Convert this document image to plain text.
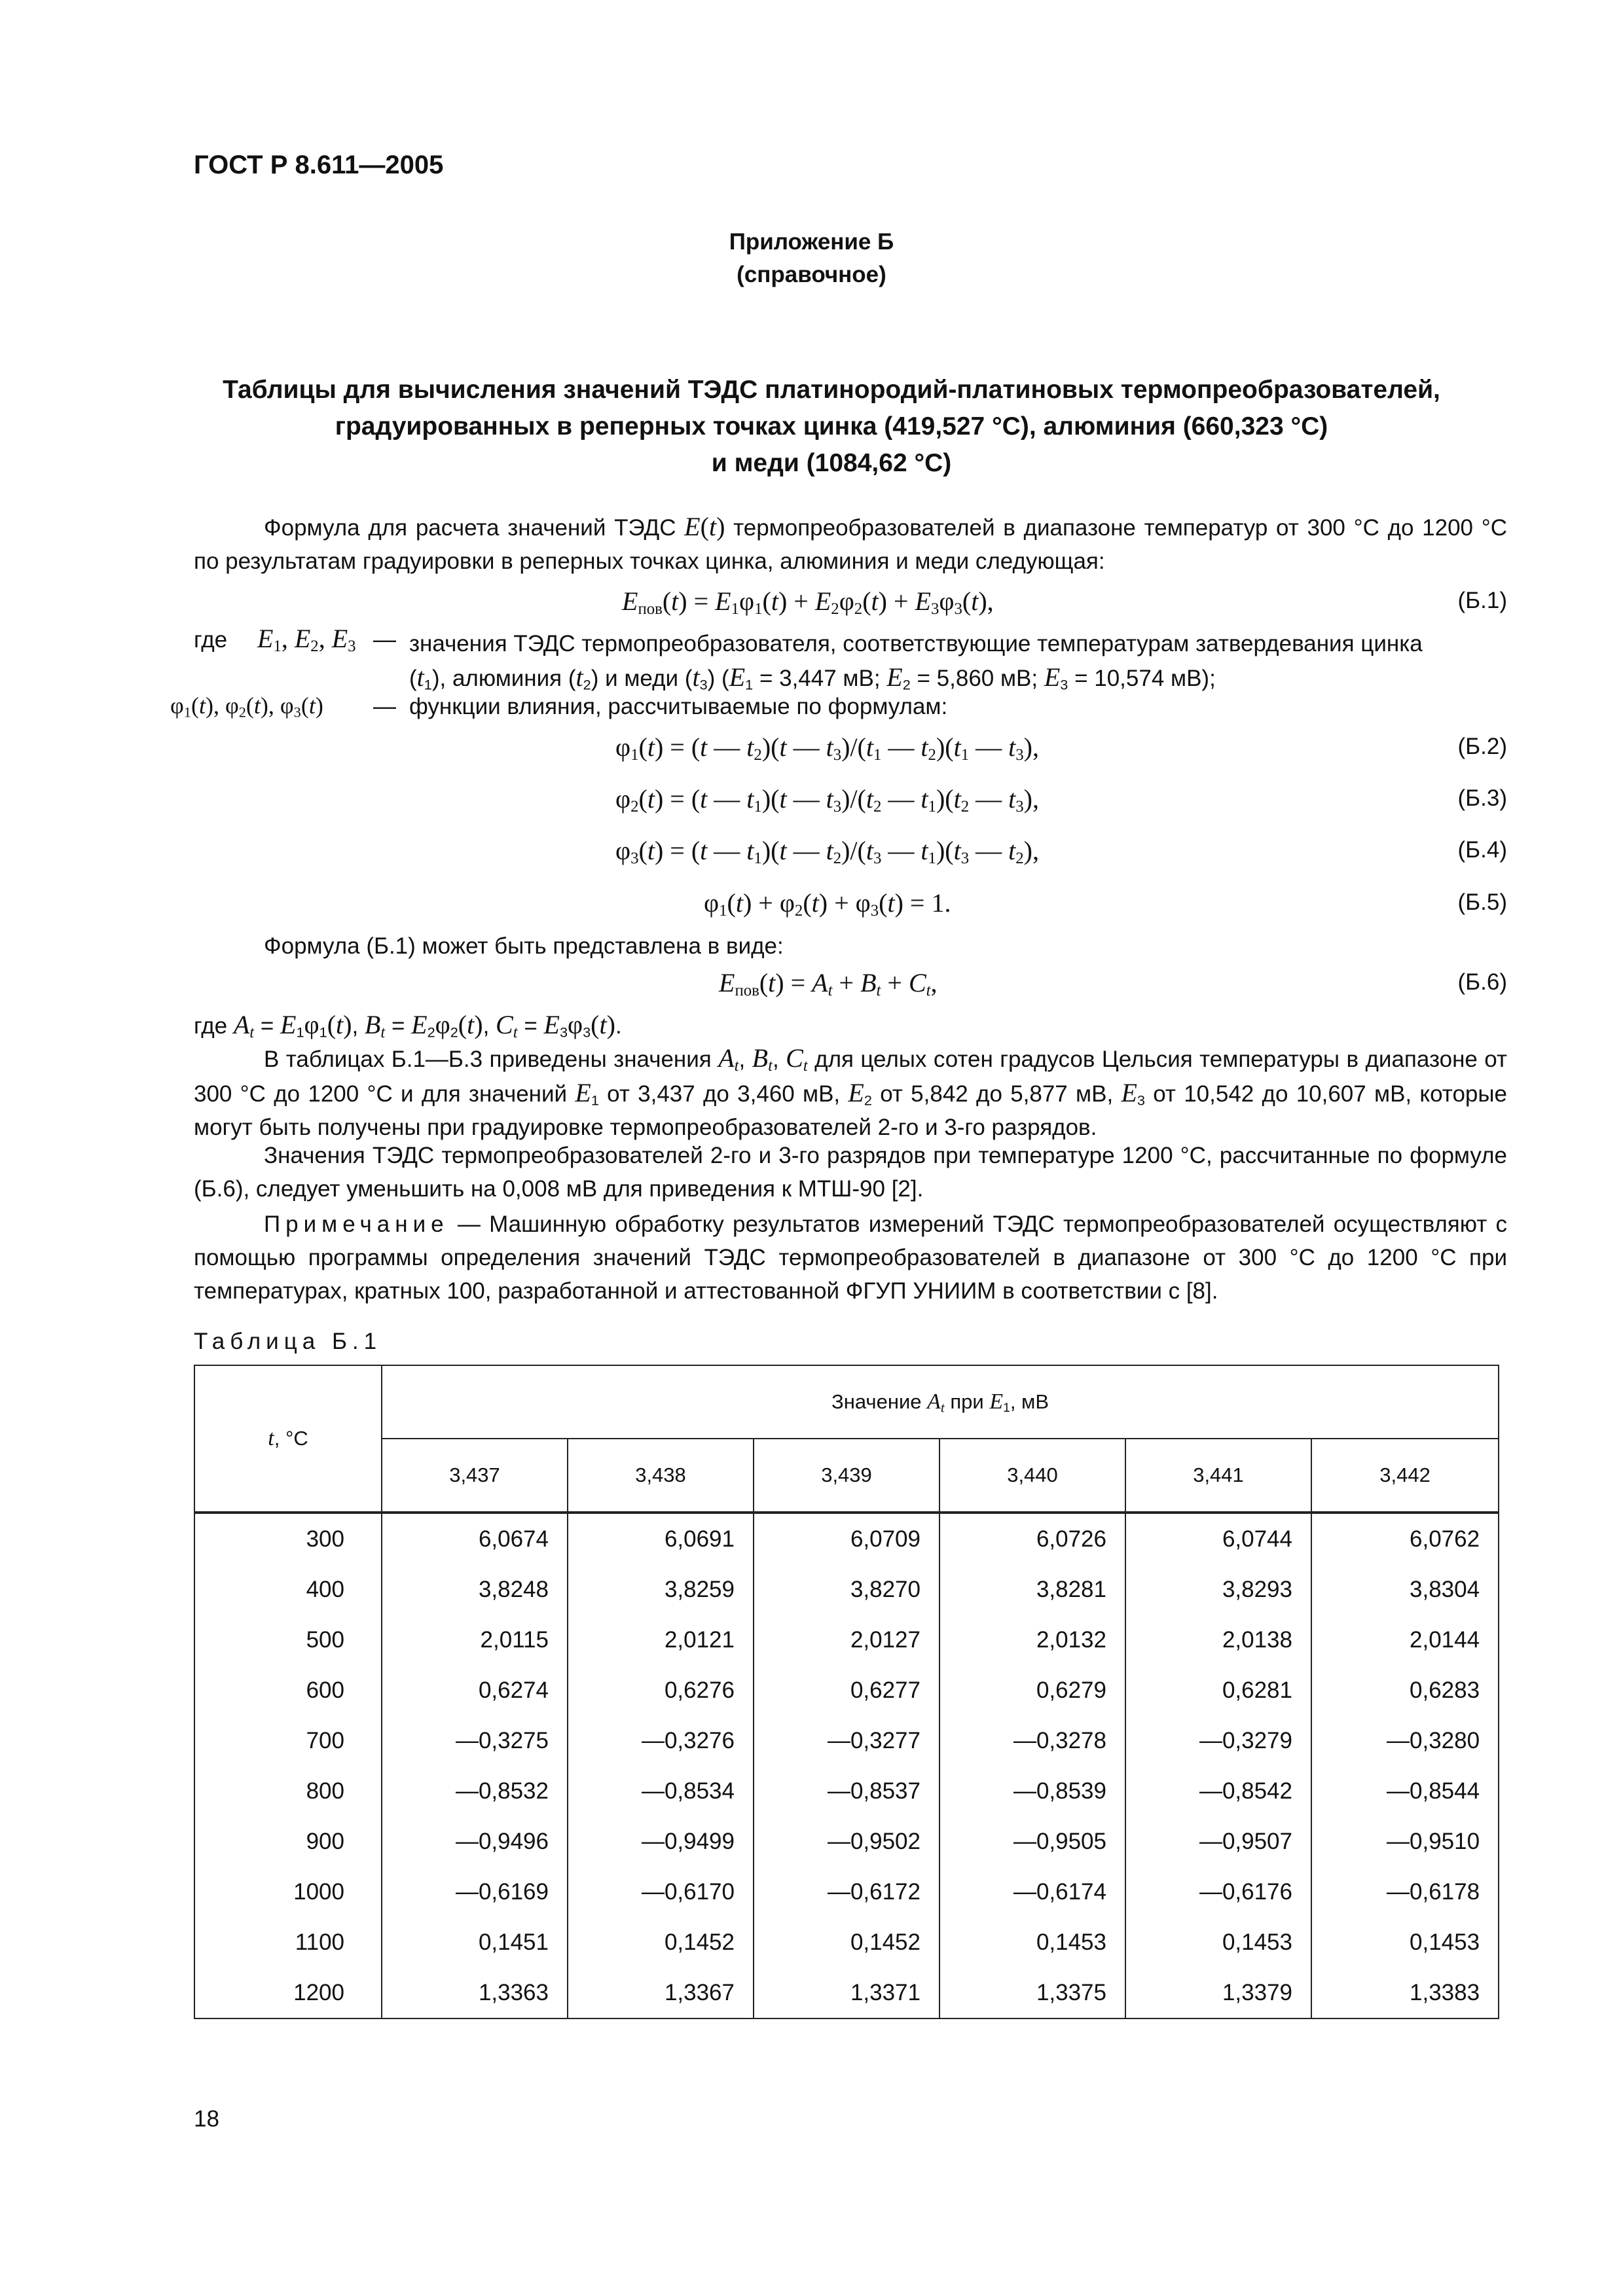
ГОСТ Р 8.611—2005
Приложение Б
(справочное)
Таблицы для вычисления значений ТЭДС платинородий-платиновых термопреобразователей,
градуированных в реперных точках цинка (419,527 °С), алюминия (660,323 °С)
и меди (1084,62 °С)
Формула для расчета значений ТЭДС E(t) термопреобразователей в диапазоне температур от 300 °С до 1200 °С по результатам градуировки в реперных точках цинка, алюминия и меди следующая:
$E_{пов}(t) = E_1\varphi_1(t) + E_2\varphi_2(t) + E_3\varphi_3(t)$,	(Б.1)
где $E_1$, $E_2$, $E_3$ — значения ТЭДС термопреобразователя, соответствующие температурам затвердевания цинка
$(t_1)$, алюминия $(t_2)$ и меди $(t_3) (E_1 = 3,447$ мВ; $E_2 = 5,860$ мВ; $E_3 = 10,574$ мВ);
$\varphi_1(t)$, $\varphi_2(t)$, $\varphi_3(t)$ — функции влияния, рассчитываемые по формулам:
$\varphi_1(t) = (t$ — $t_2)(t$ — $t_3)/(t_1$ — $t_2)(t_1$ — $t_3$),	(Б.2)
$\varphi_2(t) = (t$ — $t_1)(t$ — $t_3)/(t_2$ — $t_1)(t_2$ — $t_3$),	(Б.3)
$\varphi_3(t) = (t$ — $t_1)(t$ — $t_2)/(t_3$ — $t_1)(t_3$ — $t_2$),	(Б.4)
$\varphi_1(t) + \varphi_2(t) + \varphi_3(t) = 1$.	(Б.5)
Формула (Б.1) может быть представлена в виде:
$E_{пов}(t) = A_t + B_t + C_t$,	(Б.6)
где $A_t = E_1\varphi_1(t)$, $B_t = E_2\varphi_2(t)$, $C_t = E_3\varphi_3(t)$.
В таблицах Б.1—Б.3 приведены значения $A_t$, $B_t$, $C_t$ для целых сотен градусов Цельсия температуры в диапазоне от 300 °С до 1200 °С и для значений $E_1$ от 3,437 до 3,460 мВ, $E_2$ от 5,842 до 5,877 мВ, $E_3$ от 10,542 до 10,607 мВ, которые могут быть получены при градуировке термопреобразователей 2-го и 3-го разрядов.
Значения ТЭДС термопреобразователей 2-го и 3-го разрядов при температуре 1200 °С, рассчитанные по формуле (Б.6), следует уменьшить на 0,008 мВ для приведения к МТШ-90 [2].
Примечание — Машинную обработку результатов измерений ТЭДС термопреобразователей осуществляют с помощью программы определения значений ТЭДС термопреобразователей в диапазоне от 300 °С до 1200 °С при температурах, кратных 100, разработанной и аттестованной ФГУП УНИИМ в соответствии с [8].
Таблица Б.1
t, °С	Значение $A_t$ при $E_1$, мВ					
	3,437	3,438	3,439	3,440	3,441	3,442
300	6,0674	6,0691	6,0709	6,0726	6,0744	6,0762
400	3,8248	3,8259	3,8270	3,8281	3,8293	3,8304
500	2,0115	2,0121	2,0127	2,0132	2,0138	2,0144
600	0,6274	0,6276	0,6277	0,6279	0,6281	0,6283
700	—0,3275	—0,3276	—0,3277	—0,3278	—0,3279	—0,3280
800	—0,8532	—0,8534	—0,8537	—0,8539	—0,8542	—0,8544
900	—0,9496	—0,9499	—0,9502	—0,9505	—0,9507	—0,9510
1000	—0,6169	—0,6170	—0,6172	—0,6174	—0,6176	—0,6178
1100	0,1451	0,1452	0,1452	0,1453	0,1453	0,1453
1200	1,3363	1,3367	1,3371	1,3375	1,3379	1,3383
18
